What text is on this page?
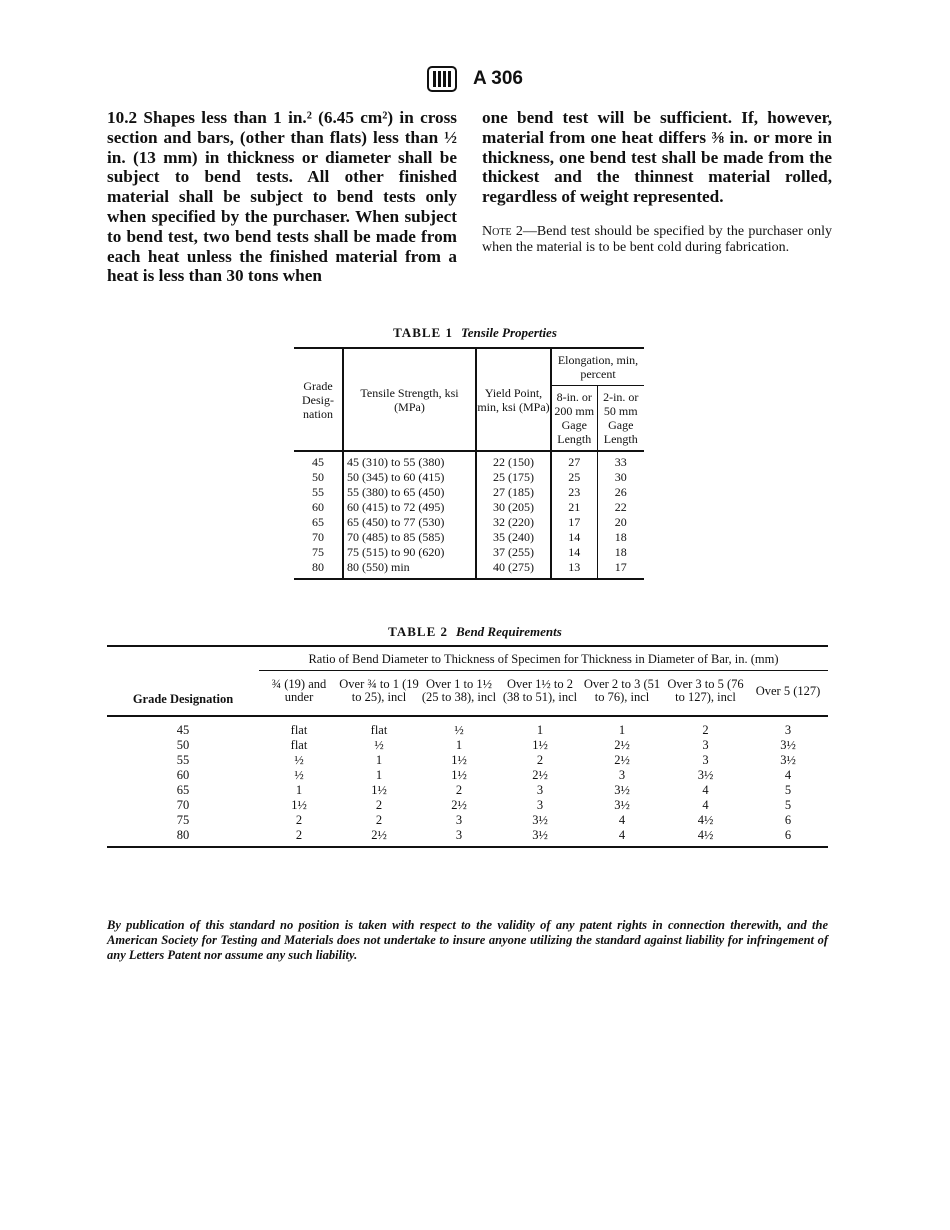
A 306
10.2 Shapes less than 1 in.² (6.45 cm²) in cross section and bars, (other than flats) less than ½ in. (13 mm) in thickness or diameter shall be subject to bend tests. All other finished material shall be subject to bend tests only when specified by the purchaser. When subject to bend test, two bend tests shall be made from each heat unless the finished material from a heat is less than 30 tons when
one bend test will be sufficient. If, however, material from one heat differs ⅜ in. or more in thickness, one bend test shall be made from the thickest and the thinnest material rolled, regardless of weight represented.
Note 2—Bend test should be specified by the purchaser only when the material is to be bent cold during fabrication.
TABLE 1 Tensile Properties
Grade Desig- nation	Tensile Strength, ksi (MPa)	Yield Point, min, ksi (MPa)	Elongation, min, percent	
			8-in. or 200 mm Gage Length	2-in. or 50 mm Gage Length
45	45 (310) to 55 (380)	22 (150)	27	33
50	50 (345) to 60 (415)	25 (175)	25	30
55	55 (380) to 65 (450)	27 (185)	23	26
60	60 (415) to 72 (495)	30 (205)	21	22
65	65 (450) to 77 (530)	32 (220)	17	20
70	70 (485) to 85 (585)	35 (240)	14	18
75	75 (515) to 90 (620)	37 (255)	14	18
80	80 (550) min	40 (275)	13	17
TABLE 2 Bend Requirements
Grade Designation	Ratio of Bend Diameter to Thickness of Specimen for Thickness in Diameter of Bar, in. (mm)						
	¾ (19) and under	Over ¾ to 1 (19 to 25), incl	Over 1 to 1½ (25 to 38), incl	Over 1½ to 2 (38 to 51), incl	Over 2 to 3 (51 to 76), incl	Over 3 to 5 (76 to 127), incl	Over 5 (127)
45	flat	flat	½	1	1	2	3
50	flat	½	1	1½	2½	3	3½
55	½	1	1½	2	2½	3	3½
60	½	1	1½	2½	3	3½	4
65	1	1½	2	3	3½	4	5
70	1½	2	2½	3	3½	4	5
75	2	2	3	3½	4	4½	6
80	2	2½	3	3½	4	4½	6
By publication of this standard no position is taken with respect to the validity of any patent rights in connection therewith, and the American Society for Testing and Materials does not undertake to insure anyone utilizing the standard against liability for infringement of any Letters Patent nor assume any such liability.
